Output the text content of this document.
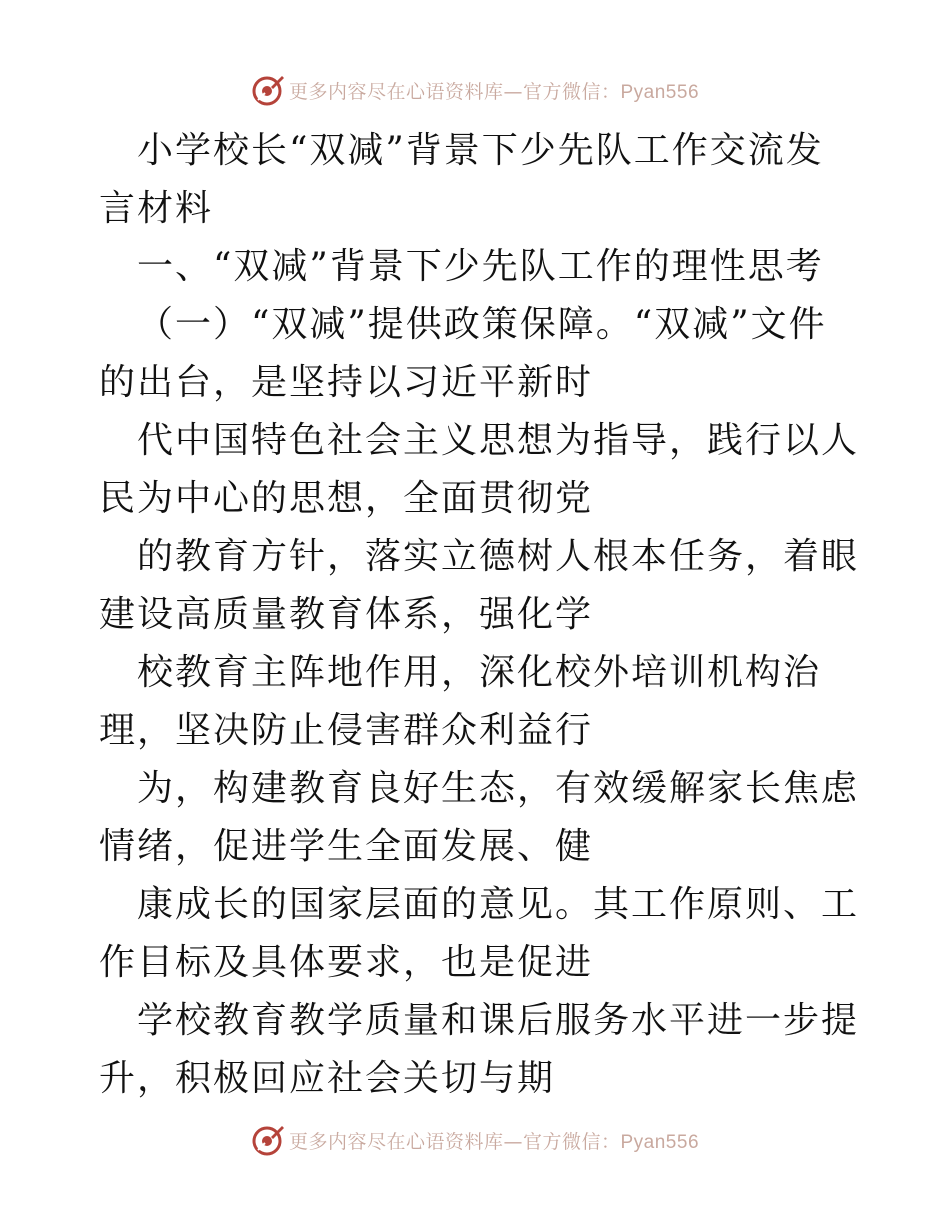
更多内容尽在心语资料库—官方微信：Pyan556

小学校长“双减”背景下少先队工作交流发言材料

一、“双减”背景下少先队工作的理性思考

（一）“双减”提供政策保障。“双减”文件的出台，是坚持以习近平新时

代中国特色社会主义思想为指导，践行以人民为中心的思想，全面贯彻党

的教育方针，落实立德树人根本任务，着眼建设高质量教育体系，强化学

校教育主阵地作用，深化校外培训机构治理，坚决防止侵害群众利益行

为，构建教育良好生态，有效缓解家长焦虑情绪，促进学生全面发展、健

康成长的国家层面的意见。其工作原则、工作目标及具体要求，也是促进

学校教育教学质量和课后服务水平进一步提升，积极回应社会关切与期

更多内容尽在心语资料库—官方微信：Pyan556
